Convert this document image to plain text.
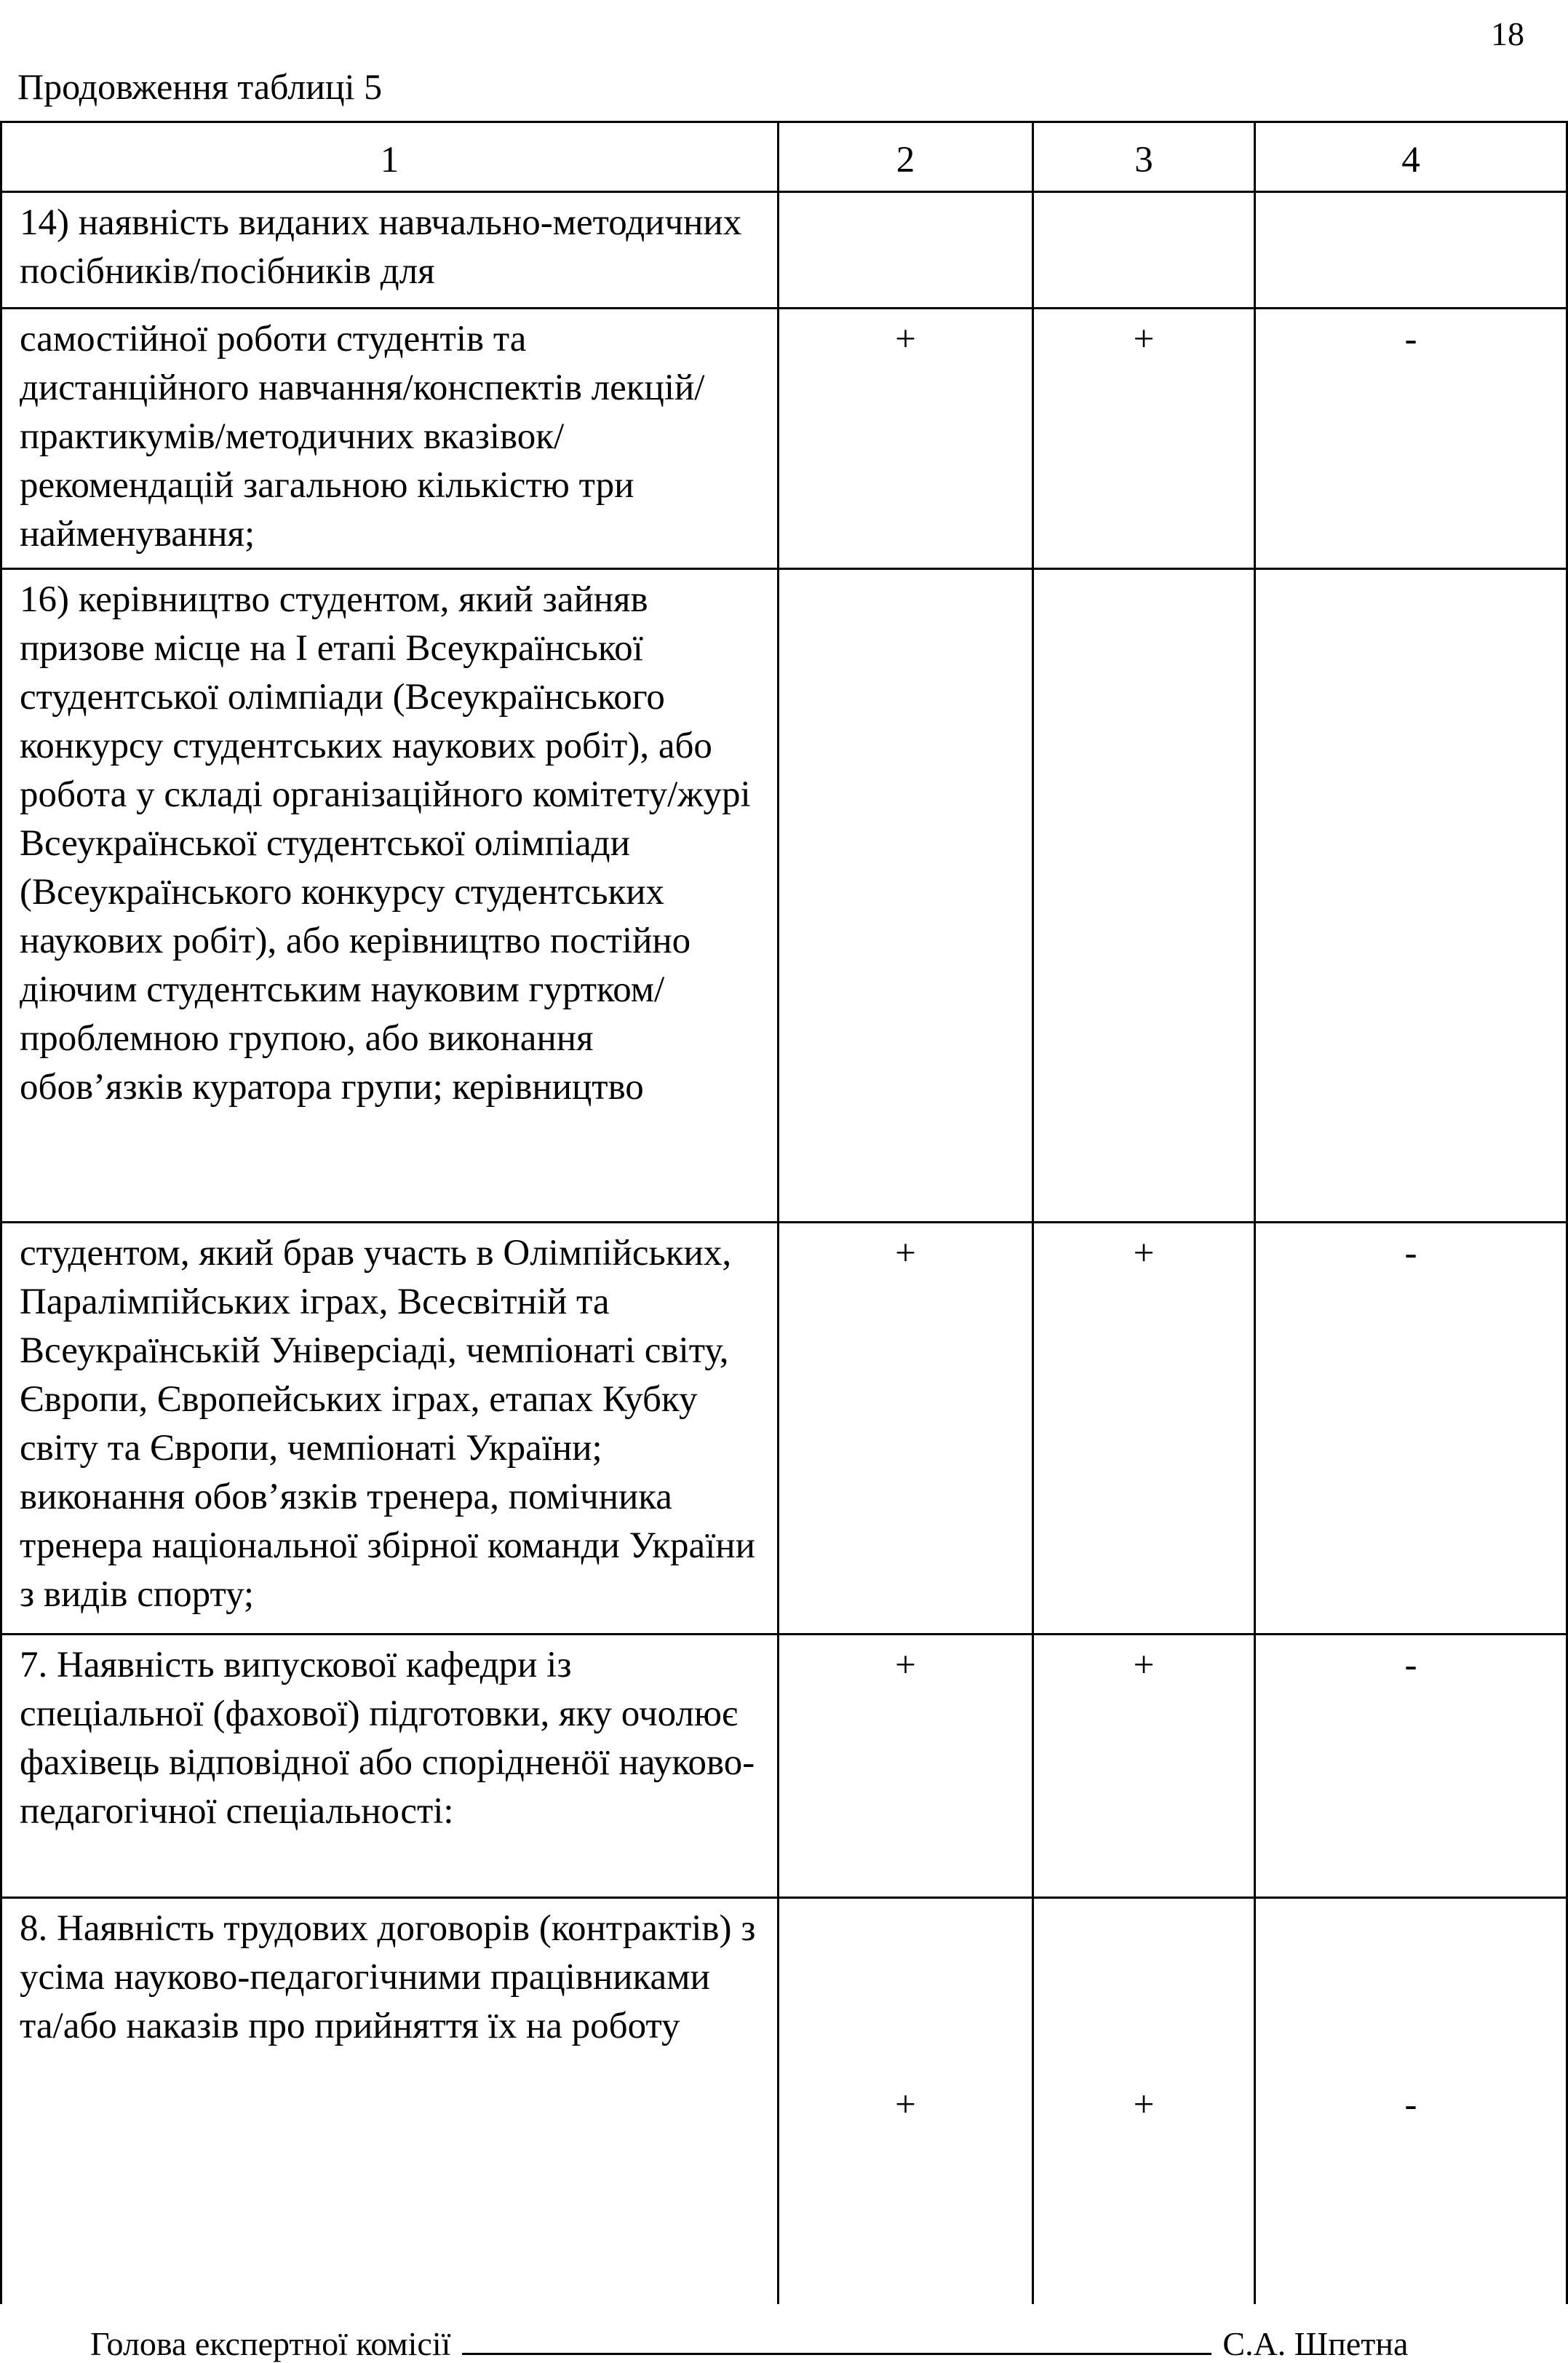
18
Продовження таблиці 5
1	2	3	4
14) наявність виданих навчально-методичних посібників/посібників для			
самостійної роботи студентів та дистанційного навчання/конспектів лекцій/практикумів/методичних вказівок/рекомендацій загальною кількістю три найменування;	+	+	-
16) керівництво студентом, який зайняв призове місце на І етапі Всеукраїнської студентської олімпіади (Всеукраїнського конкурсу студентських наукових робіт), або робота у складі організаційного комітету/журі Всеукраїнської студентської олімпіади (Всеукраїнського конкурсу студентських наукових робіт), або керівництво постійно діючим студентським науковим гуртком/проблемною групою, або виконання обов’язків куратора групи; керівництво			
студентом, який брав участь в Олімпійських, Паралімпійських іграх, Всесвітній та Всеукраїнській Універсіаді, чемпіонаті світу, Європи, Європейських іграх, етапах Кубку світу та Європи, чемпіонаті України; виконання обов’язків тренера, помічника тренера національної збірної команди України з видів спорту;	+	+	-
7. Наявність випускової кафедри із спеціальної (фахової) підготовки, яку очолює фахівець відповідної або спорідненӧї науково-педагогічної спеціальності:	+	+	-
8. Наявність трудових договорів (контрактів) з усіма науково-педагогічними працівниками та/або наказів про прийняття їх на роботу	+	+	-
Голова експертної комісії	С.А. Шпетна
